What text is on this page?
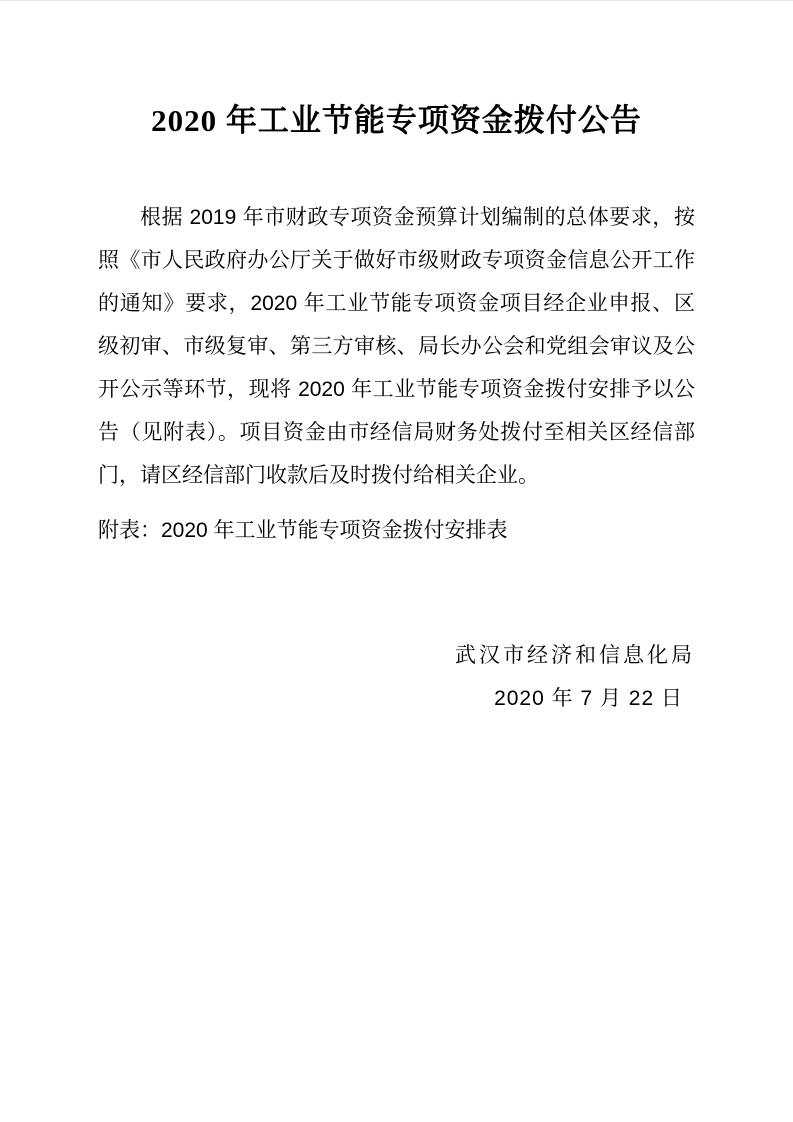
2020 年工业节能专项资金拨付公告

根据 2019 年市财政专项资金预算计划编制的总体要求，按照《市人民政府办公厅关于做好市级财政专项资金信息公开工作的通知》要求，2020 年工业节能专项资金项目经企业申报、区级初审、市级复审、第三方审核、局长办公会和党组会审议及公开公示等环节，现将 2020 年工业节能专项资金拨付安排予以公告（见附表）。项目资金由市经信局财务处拨付至相关区经信部门，请区经信部门收款后及时拨付给相关企业。

附表：2020 年工业节能专项资金拨付安排表

武汉市经济和信息化局
2020 年 7 月 22 日
